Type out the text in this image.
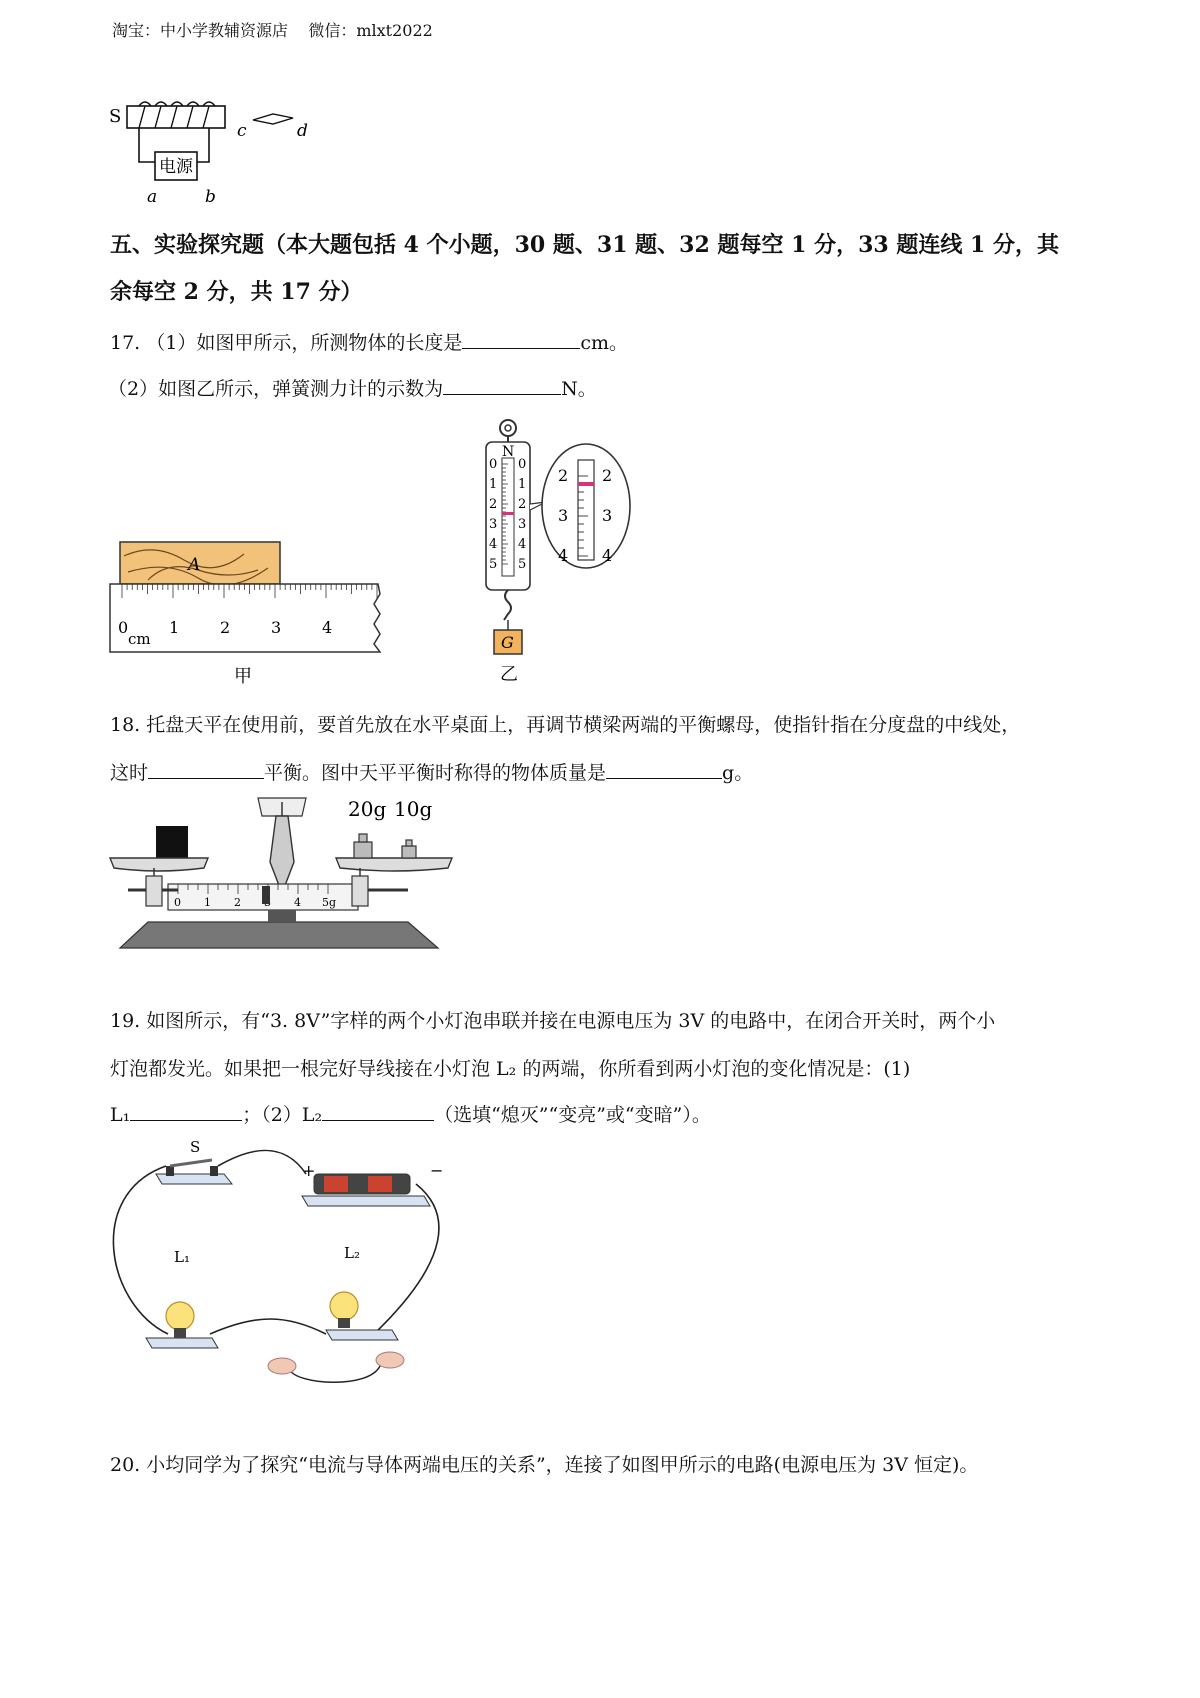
淘宝：中小学教辅资源店    微信：mlxt2022
S
电源
a	b
c	d
五、实验探究题（本大题包括 4 个小题，30 题、31 题、32 题每空 1 分，33 题连线 1 分，其
余每空 2 分，共 17 分）
17. （1）如图甲所示，所测物体的长度是	cm。
（2）如图乙所示，弹簧测力计的示数为	N。
A
0	1	2	3	4
cm
甲
N
0
1
2
3
4
5
0
1
2
3
4
5
G
2
3
4
2
3
4
乙
18. 托盘天平在使用前，要首先放在水平桌面上，再调节横梁两端的平衡螺母，使指针指在分度盘的中线处，
这时	平衡。图中天平平衡时称得的物体质量是	g。
20g 10g
0 1 2	4 5g
19. 如图所示，有“3. 8V”字样的两个小灯泡串联并接在电源电压为 3V 的电路中，在闭合开关时，两个小
灯泡都发光。如果把一根完好导线接在小灯泡 L₂ 的两端，你所看到两小灯泡的变化情况是：(1)
L₁	；（2）L₂	（选填“熄灭”“变亮”或“变暗”）。
S
+	−
L₁	L₂
20. 小均同学为了探究“电流与导体两端电压的关系”，连接了如图甲所示的电路(电源电压为 3V 恒定)。
